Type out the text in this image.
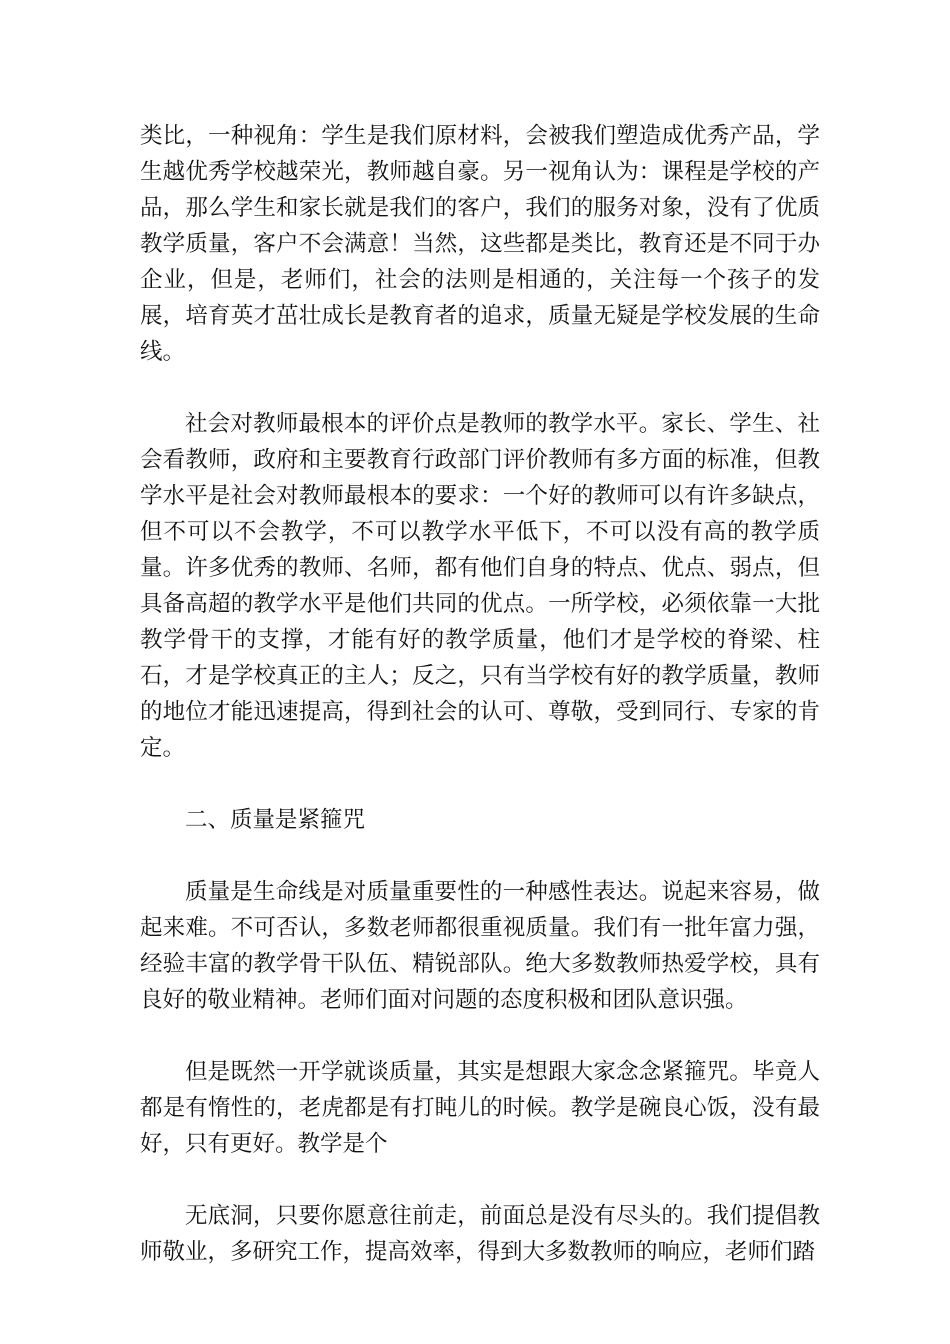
类比，一种视角：学生是我们原材料，会被我们塑造成优秀产品，学生越优秀学校越荣光，教师越自豪。另一视角认为：课程是学校的产品，那么学生和家长就是我们的客户，我们的服务对象，没有了优质教学质量，客户不会满意！当然，这些都是类比，教育还是不同于办企业，但是，老师们，社会的法则是相通的，关注每一个孩子的发展，培育英才茁壮成长是教育者的追求，质量无疑是学校发展的生命线。

社会对教师最根本的评价点是教师的教学水平。家长、学生、社会看教师，政府和主要教育行政部门评价教师有多方面的标准，但教学水平是社会对教师最根本的要求：一个好的教师可以有许多缺点，但不可以不会教学，不可以教学水平低下，不可以没有高的教学质量。许多优秀的教师、名师，都有他们自身的特点、优点、弱点，但具备高超的教学水平是他们共同的优点。一所学校，必须依靠一大批教学骨干的支撑，才能有好的教学质量，他们才是学校的脊梁、柱石，才是学校真正的主人；反之，只有当学校有好的教学质量，教师的地位才能迅速提高，得到社会的认可、尊敬，受到同行、专家的肯定。

二、质量是紧箍咒

质量是生命线是对质量重要性的一种感性表达。说起来容易，做起来难。不可否认，多数老师都很重视质量。我们有一批年富力强，经验丰富的教学骨干队伍、精锐部队。绝大多数教师热爱学校，具有良好的敬业精神。老师们面对问题的态度积极和团队意识强。

但是既然一开学就谈质量，其实是想跟大家念念紧箍咒。毕竟人都是有惰性的，老虎都是有打盹儿的时候。教学是碗良心饭，没有最好，只有更好。教学是个

无底洞，只要你愿意往前走，前面总是没有尽头的。我们提倡教师敬业，多研究工作，提高效率，得到大多数教师的响应，老师们踏
